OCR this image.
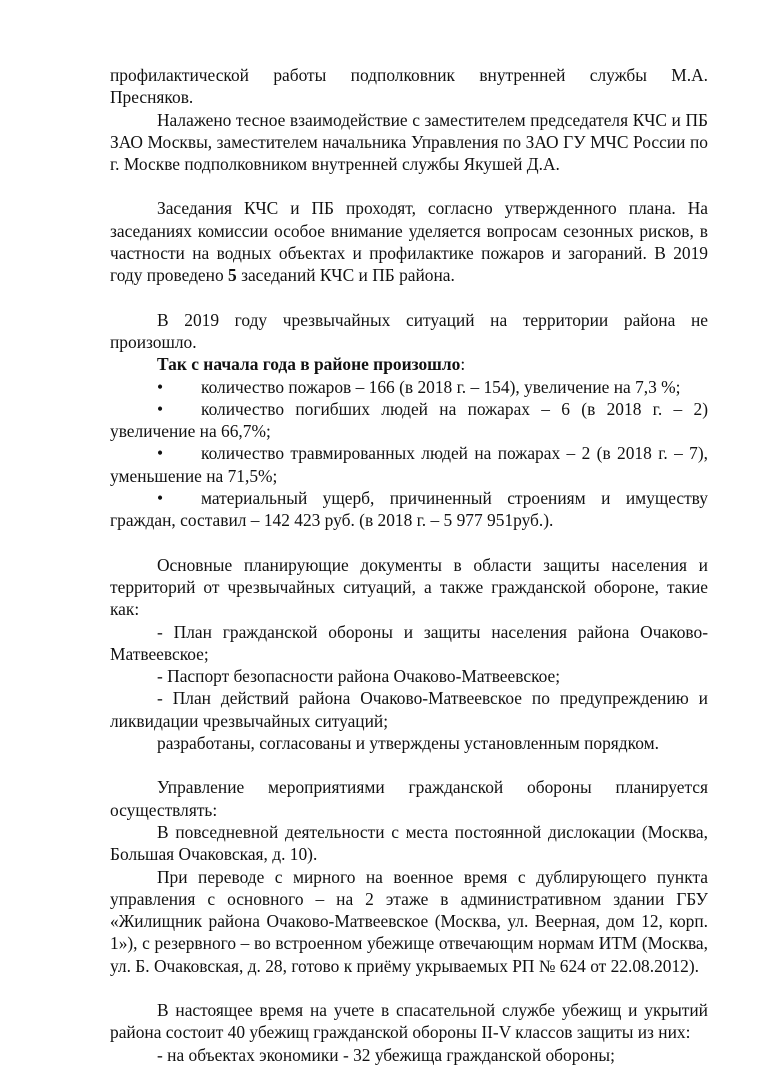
профилактической работы подполковник внутренней службы М.А.

Пресняков.

Налажено тесное взаимодействие с заместителем председателя КЧС и ПБ ЗАО Москвы, заместителем начальника Управления по ЗАО ГУ МЧС России по г. Москве подполковником внутренней службы Якушей Д.А.

Заседания КЧС и ПБ проходят, согласно утвержденного плана. На заседаниях комиссии особое внимание уделяется вопросам сезонных рисков, в частности на водных объектах и профилактике пожаров и загораний. В 2019 году проведено 5 заседаний КЧС и ПБ района.

В 2019 году чрезвычайных ситуаций на территории района не произошло.

Так с начала года в районе произошло:

• количество пожаров – 166 (в 2018 г. – 154), увеличение на 7,3 %;

• количество погибших людей на пожарах – 6 (в 2018 г. – 2) увеличение на 66,7%;

• количество травмированных людей на пожарах – 2 (в 2018 г. – 7), уменьшение на 71,5%;

• материальный ущерб, причиненный строениям и имуществу граждан, составил – 142 423 руб. (в 2018 г. – 5 977 951руб.).

Основные планирующие документы в области защиты населения и территорий от чрезвычайных ситуаций, а также гражданской обороне, такие как:

- План гражданской обороны и защиты населения района Очаково-Матвеевское;

- Паспорт безопасности района Очаково-Матвеевское;

- План действий района Очаково-Матвеевское по предупреждению и ликвидации чрезвычайных ситуаций;

разработаны, согласованы и утверждены установленным порядком.

Управление мероприятиями гражданской обороны планируется осуществлять:

В повседневной деятельности с места постоянной дислокации (Москва, Большая Очаковская, д. 10).

При переводе с мирного на военное время с дублирующего пункта управления с основного – на 2 этаже в административном здании ГБУ «Жилищник района Очаково-Матвеевское (Москва, ул. Веерная, дом 12, корп. 1»), с резервного – во встроенном убежище отвечающим нормам ИТМ (Москва, ул. Б. Очаковская, д. 28, готово к приёму укрываемых РП № 624 от 22.08.2012).

В настоящее время на учете в спасательной службе убежищ и укрытий района состоит 40 убежищ гражданской обороны II-V классов защиты из них:

- на объектах экономики - 32 убежища гражданской обороны;
